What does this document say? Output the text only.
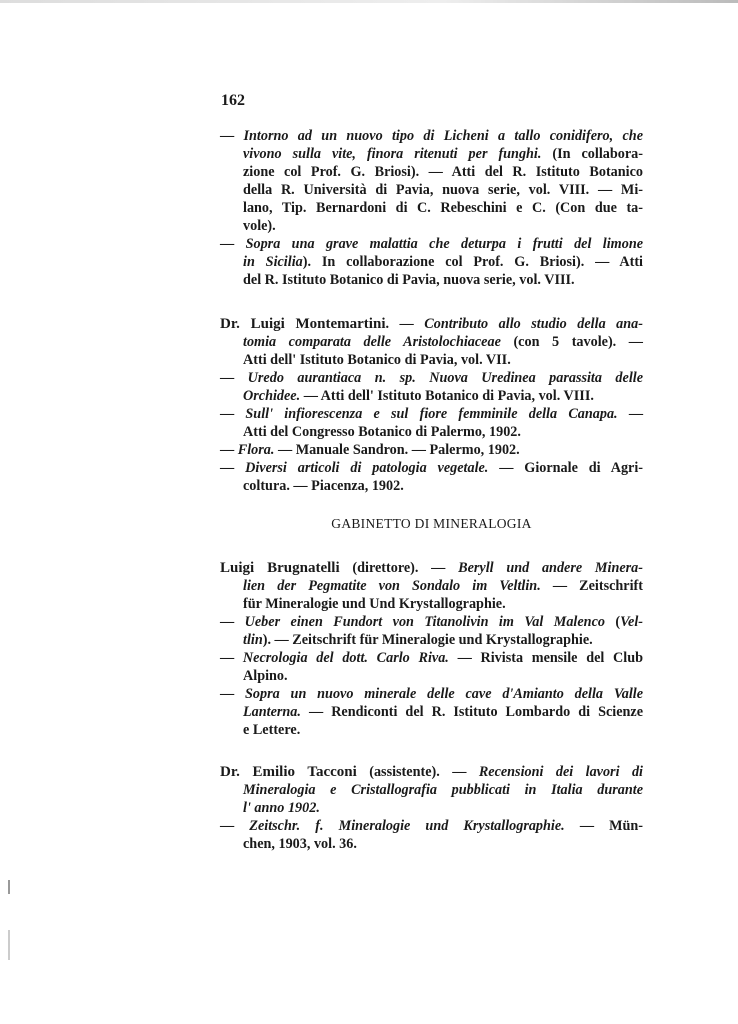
162
— Intorno ad un nuovo tipo di Licheni a tallo conidifero, che
vivono sulla vite, finora ritenuti per funghi. (In collabora-
zione col Prof. G. Briosi). — Atti del R. Istituto Botanico
della R. Università di Pavia, nuova serie, vol. VIII. — Mi-
lano, Tip. Bernardoni di C. Rebeschini e C. (Con due ta-
vole).
— Sopra una grave malattia che deturpa i frutti del limone
in Sicilia). In collaborazione col Prof. G. Briosi). — Atti
del R. Istituto Botanico di Pavia, nuova serie, vol. VIII.
Dr. Luigi Montemartini. — Contributo allo studio della ana-
tomia comparata delle Aristolochiaceae (con 5 tavole). —
Atti dell' Istituto Botanico di Pavia, vol. VII.
— Uredo aurantiaca n. sp. Nuova Uredinea parassita delle
Orchidee. — Atti dell' Istituto Botanico di Pavia, vol. VIII.
— Sull' infiorescenza e sul fiore femminile della Canapa. —
Atti del Congresso Botanico di Palermo, 1902.
— Flora. — Manuale Sandron. — Palermo, 1902.
— Diversi articoli di patologia vegetale. — Giornale di Agri-
coltura. — Piacenza, 1902.
GABINETTO DI MINERALOGIA
Luigi Brugnatelli (direttore). — Beryll und andere Minera-
lien der Pegmatite von Sondalo im Veltlin. — Zeitschrift
für Mineralogie und Und Krystallographie.
— Ueber einen Fundort von Titanolivin im Val Malenco (Vel-
tlin). — Zeitschrift für Mineralogie und Krystallographie.
— Necrologia del dott. Carlo Riva. — Rivista mensile del Club
Alpino.
— Sopra un nuovo minerale delle cave d'Amianto della Valle
Lanterna. — Rendiconti del R. Istituto Lombardo di Scienze
e Lettere.
Dr. Emilio Tacconi (assistente). — Recensioni dei lavori di
Mineralogia e Cristallografia pubblicati in Italia durante
l' anno 1902.
— Zeitschr. f. Mineralogie und Krystallographie. — Mün-
chen, 1903, vol. 36.
